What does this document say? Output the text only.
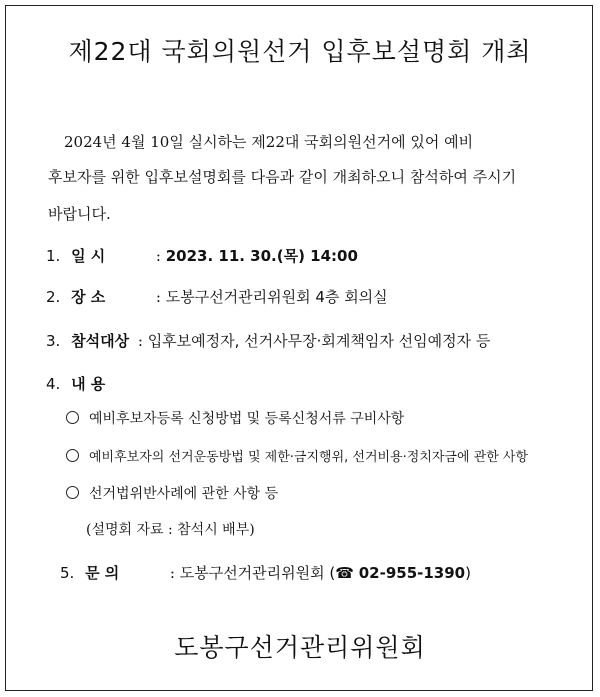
제22대 국회의원선거 입후보설명회 개최

2024년 4월 10일 실시하는 제22대 국회의원선거에 있어 예비

후보자를 위한 입후보설명회를 다음과 같이 개최하오니 참석하여 주시기

바랍니다.

1. 일 시	: 2023. 11. 30.(목) 14:00
2. 장 소	: 도봉구선거관리위원회 4층 회의실
3. 참석대상 : 입후보예정자, 선거사무장·회계책임자 선임예정자 등
4. 내 용
예비후보자등록 신청방법 및 등록신청서류 구비사항
예비후보자의 선거운동방법 및 제한·금지행위, 선거비용·정치자금에 관한 사항
선거법위반사례에 관한 사항 등
(설명회 자료 : 참석시 배부)
5. 문 의	: 도봉구선거관리위원회 (☎ 02-955-1390)
도봉구선거관리위원회
